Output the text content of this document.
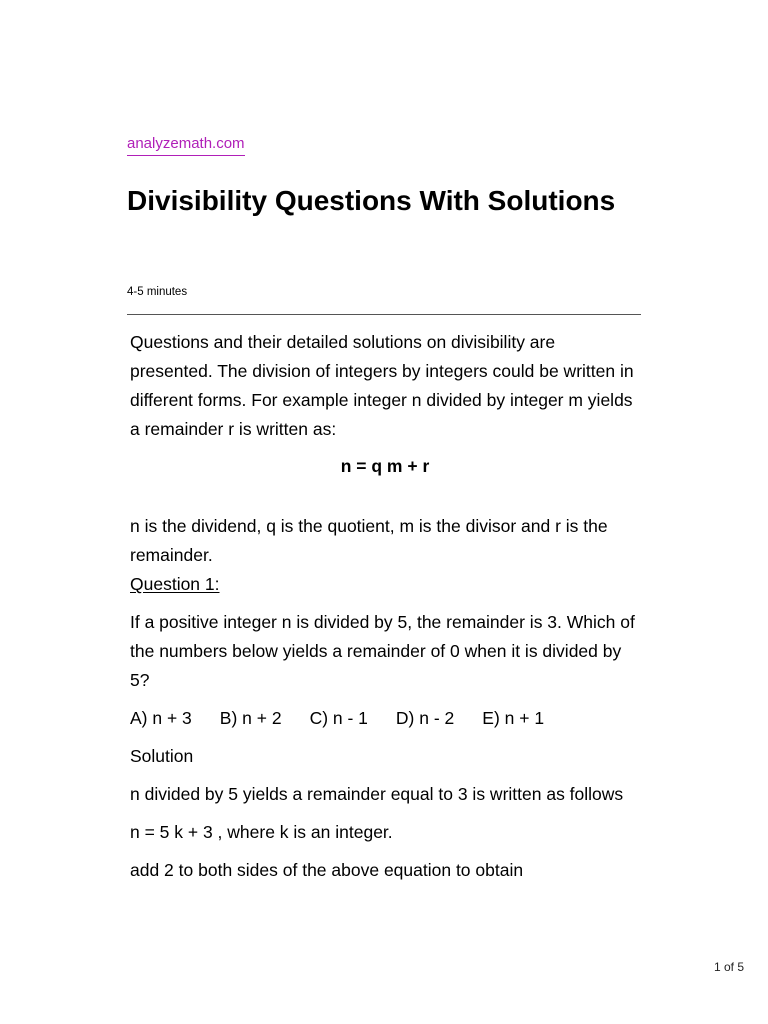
analyzemath.com
Divisibility Questions With Solutions
4-5 minutes

Questions and their detailed solutions on divisibility are presented. The division of integers by integers could be written in different forms. For example integer n divided by integer m yields a remainder r is written as:

n = q m + r

n is the dividend, q is the quotient, m is the divisor and r is the remainder.

Question 1:

If a positive integer n is divided by 5, the remainder is 3. Which of the numbers below yields a remainder of 0 when it is divided by 5?

A) n + 3 B) n + 2 C) n - 1 D) n - 2 E) n + 1

Solution

n divided by 5 yields a remainder equal to 3 is written as follows

n = 5 k + 3 , where k is an integer.

add 2 to both sides of the above equation to obtain

1 of 5
